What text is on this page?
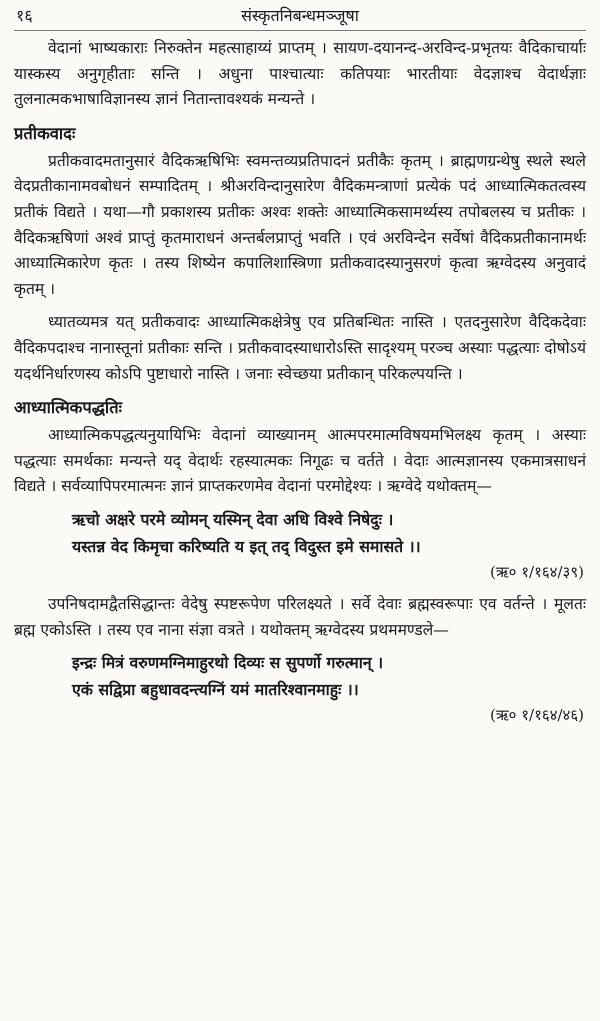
१६	संस्कृतनिबन्धमञ्जूषा

वेदानां भाष्यकाराः निरुक्तेन महत्साहाय्यं प्राप्तम् । सायण-दयानन्द-अरविन्द-प्रभृतयः वैदिकाचार्याः यास्कस्य अनुगृहीताः सन्ति । अधुना पाश्चात्याः कतिपयाः भारतीयाः वेदज्ञाश्च वेदार्थज्ञाः तुलनात्मकभाषाविज्ञानस्य ज्ञानं नितान्तावश्यकं मन्यन्ते ।

प्रतीकवादः

प्रतीकवादमतानुसारं वैदिकऋषिभिः स्वमन्तव्यप्रतिपादनं प्रतीकैः कृतम् । ब्राह्मणग्रन्थेषु स्थले स्थले वेदप्रतीकानामवबोधनं सम्पादितम् । श्रीअरविन्दानुसारेण वैदिकमन्त्राणां प्रत्येकं पदं आध्यात्मिकतत्वस्य प्रतीकं विद्यते । यथा—गौ प्रकाशस्य प्रतीकः अश्वः शक्तेः आध्यात्मिकसामर्थ्यस्य तपोबलस्य च प्रतीकः । वैदिकऋषिणां अश्वं प्राप्तुं कृतमाराधनं अन्तर्बलप्राप्तुं भवति । एवं अरविन्देन सर्वेषां वैदिकप्रतीकानामर्थः आध्यात्मिकारेण कृतः । तस्य शिष्येन कपालिशास्त्रिणा प्रतीकवादस्यानुसरणं कृत्वा ऋग्वेदस्य अनुवादं कृतम् ।

ध्यातव्यमत्र यत् प्रतीकवादः आध्यात्मिकक्षेत्रेषु एव प्रतिबन्धितः नास्ति । एतदनुसारेण वैदिकदेवाः वैदिकपदाश्च नानास्तूनां प्रतीकाः सन्ति । प्रतीकवादस्याधारोऽस्ति सादृश्यम् परञ्च अस्याः पद्धत्याः दोषोऽयं यदर्थनिर्धारणस्य कोऽपि पुष्टाधारो नास्ति । जनाः स्वेच्छया प्रतीकान् परिकल्पयन्ति ।

आध्यात्मिकपद्धतिः

आध्यात्मिकपद्धत्यनुयायिभिः वेदानां व्याख्यानम् आत्मपरमात्मविषयमभिलक्ष्य कृतम् । अस्याः पद्धत्याः समर्थकाः मन्यन्ते यद् वेदार्थः रहस्यात्मकः निगूढः च वर्तते । वेदाः आत्मज्ञानस्य एकमात्रसाधनं विद्यते । सर्वव्यापिपरमात्मनः ज्ञानं प्राप्तकरणमेव वेदानां परमोद्देश्यः । ऋग्वेदे यथोक्तम्—

ऋचो अक्षरे परमे व्योमन् यस्मिन् देवा अधि विश्वे निषेदुः ।
यस्तन्न वेद किमृचा करिष्यति य इत् तद् विदुस्त इमे समासते ।।
(ऋ० १/१६४/३९)

उपनिषदामद्वैतसिद्धान्तः वेदेषु स्पष्टरूपेण परिलक्ष्यते । सर्वे देवाः ब्रह्मस्वरूपाः एव वर्तन्ते । मूलतः ब्रह्म एकोऽस्ति । तस्य एव नाना संज्ञा वत्रते । यथोक्तम् ऋग्वेदस्य प्रथममण्डले—

इन्द्रः मित्रं वरुणमग्निमाहुरथो दिव्यः स सुपर्णो गरुत्मान् ।
एकं सद्विप्रा बहुधावदन्त्यग्निं यमं मातरिश्वानमाहुः ।।
(ऋ० १/१६४/४६)
